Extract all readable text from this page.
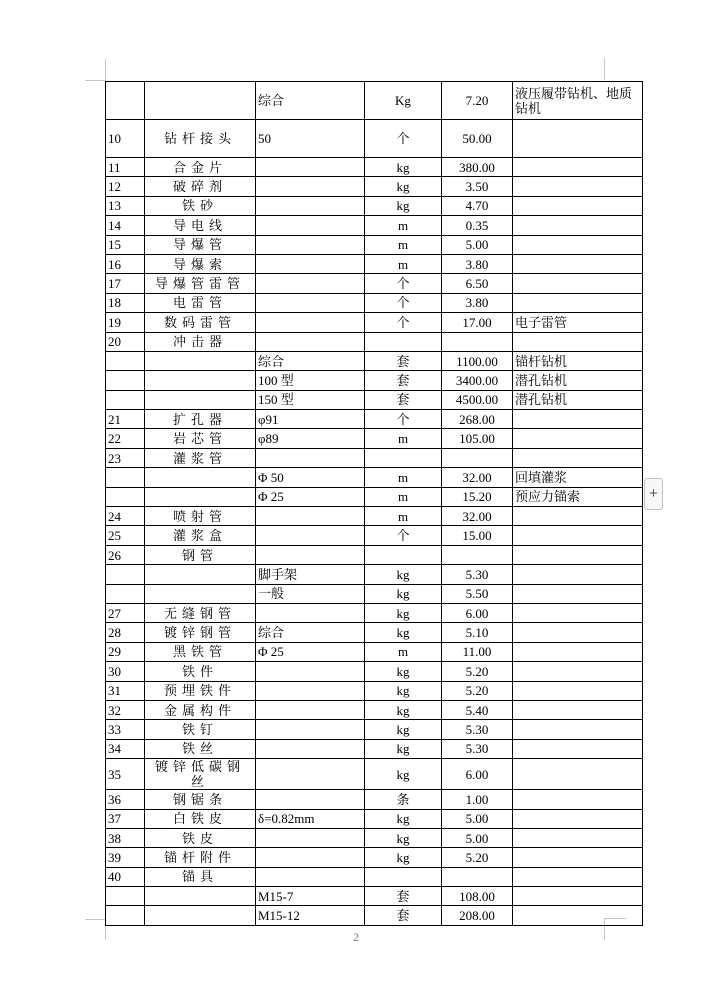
		综合	Kg	7.20	液压履带钻机、地质钻机
10	钻杆接头	50	个	50.00	
11	合金片		kg	380.00	
12	破碎剂		kg	3.50	
13	铁砂		kg	4.70	
14	导电线		m	0.35	
15	导爆管		m	5.00	
16	导爆索		m	3.80	
17	导爆管雷管		个	6.50	
18	电雷管		个	3.80	
19	数码雷管		个	17.00	电子雷管
20	冲击器				
		综合	套	1100.00	锚杆钻机
		100 型	套	3400.00	潜孔钻机
		150 型	套	4500.00	潜孔钻机
21	扩孔器	φ91	个	268.00	
22	岩芯管	φ89	m	105.00	
23	灌浆管				
		Φ 50	m	32.00	回填灌浆
		Φ 25	m	15.20	预应力锚索
24	喷射管		m	32.00	
25	灌浆盒		个	15.00	
26	钢管				
		脚手架	kg	5.30	
		一般	kg	5.50	
27	无缝钢管		kg	6.00	
28	镀锌钢管	综合	kg	5.10	
29	黑铁管	Φ 25	m	11.00	
30	铁件		kg	5.20	
31	预埋铁件		kg	5.20	
32	金属构件		kg	5.40	
33	铁钉		kg	5.30	
34	铁丝		kg	5.30	
35	镀锌低碳钢丝		kg	6.00	
36	钢锯条		条	1.00	
37	白铁皮	δ=0.82mm	kg	5.00	
38	铁皮		kg	5.00	
39	锚杆附件		kg	5.20	
40	锚具				
		M15-7	套	108.00	
		M15-12	套	208.00	
+
2
